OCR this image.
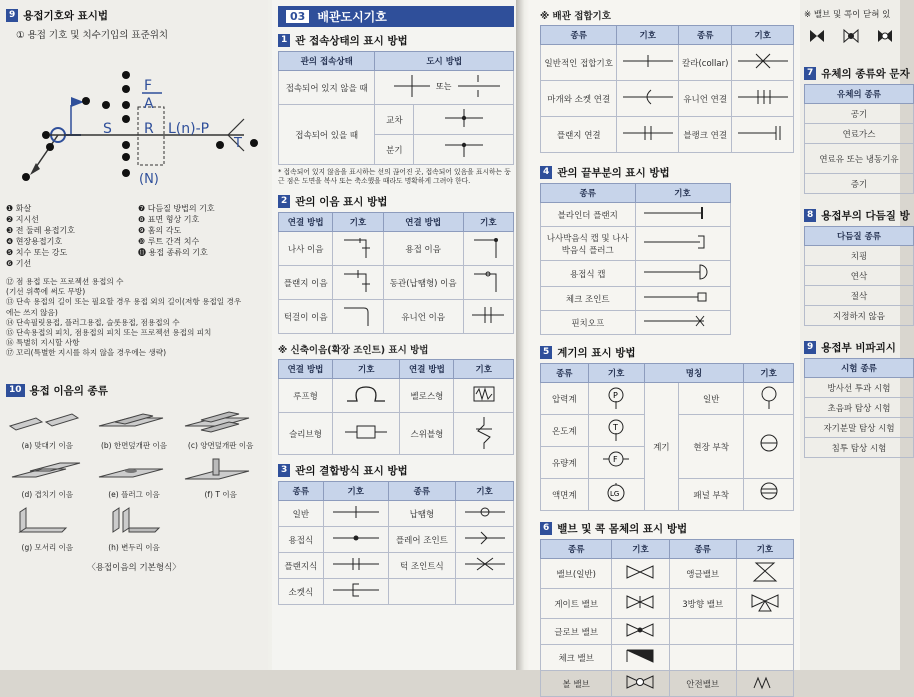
9 용접기호와 표시법
① 용접 기호 및 치수기입의 표준위치
S R L(n)-P
T
F
A
(N)
❶ 화살
❷ 지시선
❸ 전 둘레 용접기호
❹ 현장용접기호
❺ 치수 또는 강도
❻ 기선
❼ 다듬질 방법의 기호
❽ 표면 형상 기호
❾ 홈의 각도
❿ 루트 간격 치수
⓫ 용접 종류의 기호
⑫ 점 용접 또는 프로젝션 용접의 수
(기선 위쪽에 써도 무방)
⑬ 단속 용접의 길이 또는 필요할 경우 용접 외의 길이(저항 용접일 경우
에는 쓰지 않음)
⑭ 단속필릿용접, 플러그용접, 슬롯용접, 점용접의 수
⑮ 단속용접의 피치, 점용접의 피치 또는 프로젝션 용접의 피치
⑯ 특별히 지시할 사항
⑰ 꼬리(특별한 지시를 하지 않을 경우에는 생략)
10 용접 이음의 종류
(a) 맞대기 이음	(b) 한면덮개판 이음	(c) 양면덮개판 이음
(d) 겹치기 이음	(e) 플러그 이음	(f) T 이음
(g) 모서리 이음	(h) 변두리 이음
〈용접이음의 기본형식〉
03	배관도시기호
1 관 접속상태의 표시 방법
관의 접속상태	도시 방법	
접속되어 있지 않을 때	또는	

접속되어 있을 때	교차	
	분기	
* 접속되어 있지 않음을 표시하는 선의 끊어진 곳, 접속되어 있음을 표시하는 둥근 점은 도면을 복사 또는 축소했을 때라도 명확하게 그려야 한다.
2 관의 이음 표시 방법
연결 방법	기호	연결 방법	기호
나사 이음		용접 이음	
플랜지 이음		동관(납땜형) 이음	
턱걸이 이음		유니언 이음	
※ 신축이음(확장 조인트) 표시 방법
연결 방법	기호	연결 방법	기호
루프형		벨로스형	
슬리브형		스위블형	
3 관의 결합방식 표시 방법
종류	기호	종류	기호
일반		납땜형	
용접식		플레어 조인트	
플랜지식		턱 조인트식	
소켓식			
※ 배관 접합기호
종류	기호	종류	기호
일반적인 접합기호		칼라(collar)	
마개와 소켓 연결		유니언 연결	
플랜지 연결		블랭크 연결	
4 관의 끝부분의 표시 방법
종류	기호
블라인더 플랜지	
나사박음식 캡 및 나사박음식 플러그	
용접식 캡	
체크 조인트	
핀치오프	
5 계기의 표시 방법
종류	기호	명칭		기호
압력계	P	계기	일반	
온도계	T		현장 부착	
유량계	F			

액면계	LG		패널 부착	
6 밸브 및 콕 몸체의 표시 방법
종류	기호	종류	기호
밸브(일반)		앵글밸브	
게이트 밸브		3방향 밸브	
글로브 밸브			
체크 밸브			
볼 밸브		안전밸브	
※ 밸브 및 콕이 닫혀 있
7 유체의 종류와 문자
유체의 종류
공기
연료가스
연료유 또는 냉동기유
증기
8 용접부의 다듬질 방
다듬질 종류
치핑
연삭
절삭
지정하지 않음
9 용접부 비파괴시
시험 종류
방사선 투과 시험
초음파 탐상 시험
자기분말 탐상 시험
침투 탐상 시험
